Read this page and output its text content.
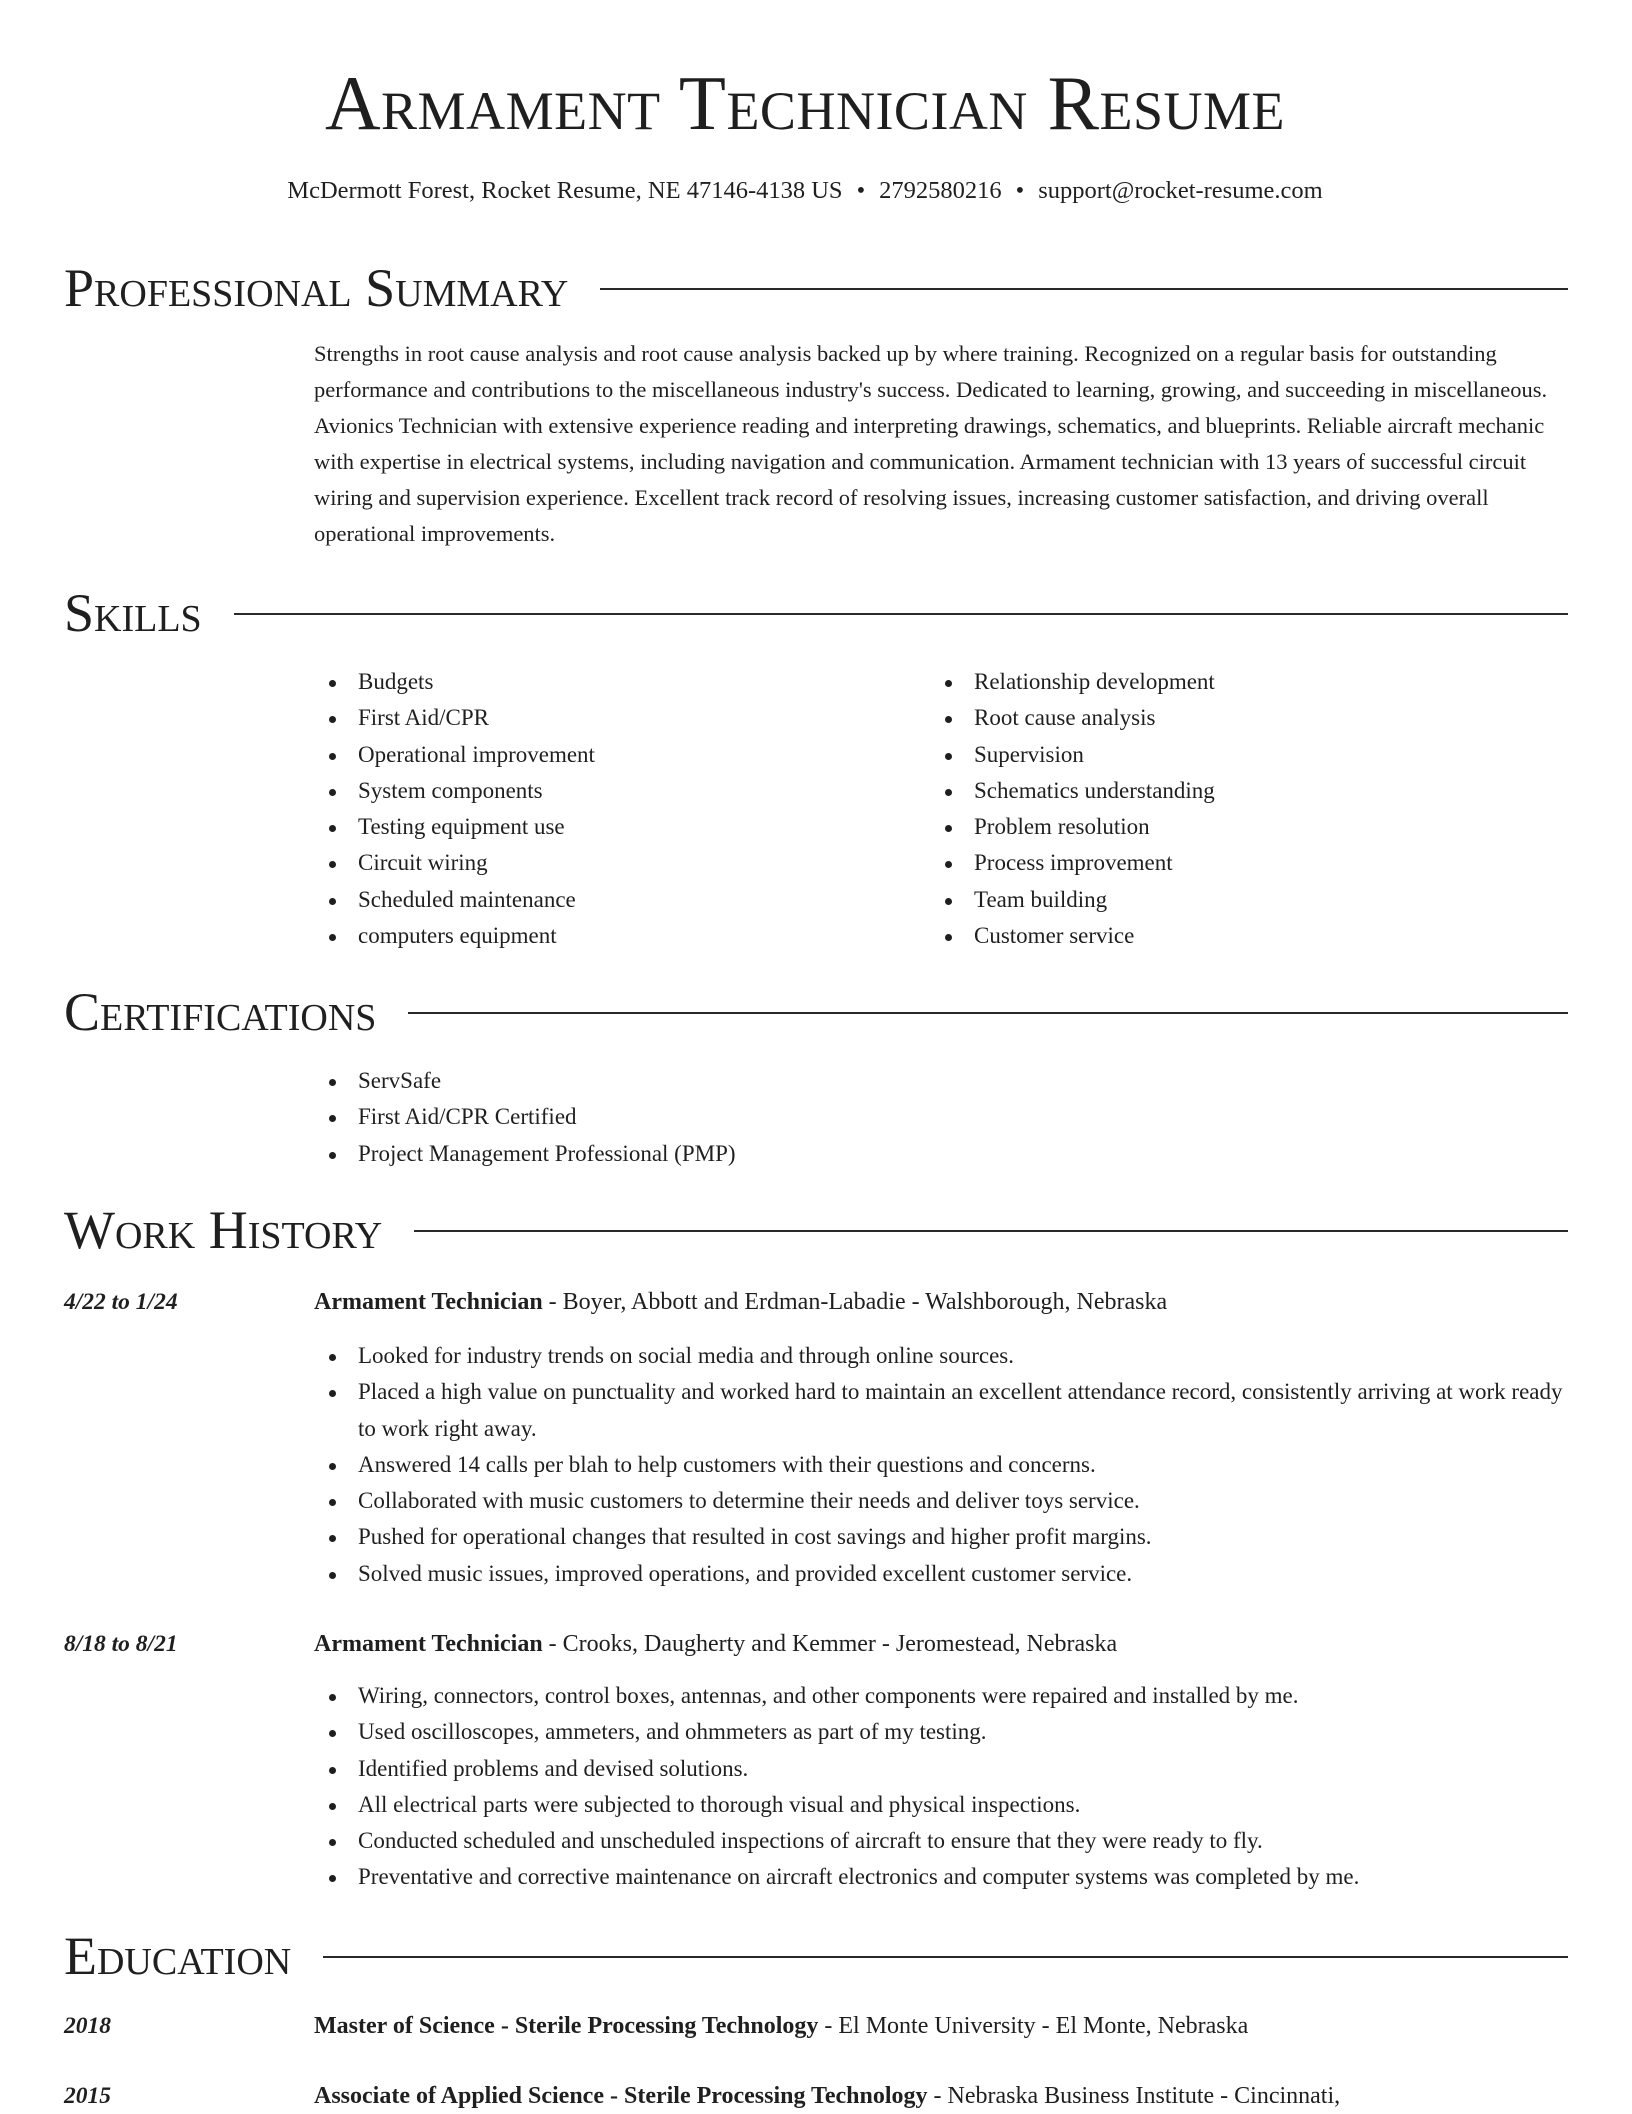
Armament Technician Resume
McDermott Forest, Rocket Resume, NE 47146-4138 US • 2792580216 • support@rocket-resume.com
Professional Summary
Strengths in root cause analysis and root cause analysis backed up by where training. Recognized on a regular basis for outstanding performance and contributions to the miscellaneous industry's success. Dedicated to learning, growing, and succeeding in miscellaneous. Avionics Technician with extensive experience reading and interpreting drawings, schematics, and blueprints. Reliable aircraft mechanic with expertise in electrical systems, including navigation and communication. Armament technician with 13 years of successful circuit wiring and supervision experience. Excellent track record of resolving issues, increasing customer satisfaction, and driving overall operational improvements.
Skills
Budgets
First Aid/CPR
Operational improvement
System components
Testing equipment use
Circuit wiring
Scheduled maintenance
computers equipment
Relationship development
Root cause analysis
Supervision
Schematics understanding
Problem resolution
Process improvement
Team building
Customer service
Certifications
ServSafe
First Aid/CPR Certified
Project Management Professional (PMP)
Work History
4/22 to 1/24	Armament Technician - Boyer, Abbott and Erdman-Labadie - Walshborough, Nebraska
Looked for industry trends on social media and through online sources.
Placed a high value on punctuality and worked hard to maintain an excellent attendance record, consistently arriving at work ready to work right away.
Answered 14 calls per blah to help customers with their questions and concerns.
Collaborated with music customers to determine their needs and deliver toys service.
Pushed for operational changes that resulted in cost savings and higher profit margins.
Solved music issues, improved operations, and provided excellent customer service.
8/18 to 8/21	Armament Technician - Crooks, Daugherty and Kemmer - Jeromestead, Nebraska
Wiring, connectors, control boxes, antennas, and other components were repaired and installed by me.
Used oscilloscopes, ammeters, and ohmmeters as part of my testing.
Identified problems and devised solutions.
All electrical parts were subjected to thorough visual and physical inspections.
Conducted scheduled and unscheduled inspections of aircraft to ensure that they were ready to fly.
Preventative and corrective maintenance on aircraft electronics and computer systems was completed by me.
Education
2018	Master of Science - Sterile Processing Technology - El Monte University - El Monte, Nebraska
2015	Associate of Applied Science - Sterile Processing Technology - Nebraska Business Institute - Cincinnati,
